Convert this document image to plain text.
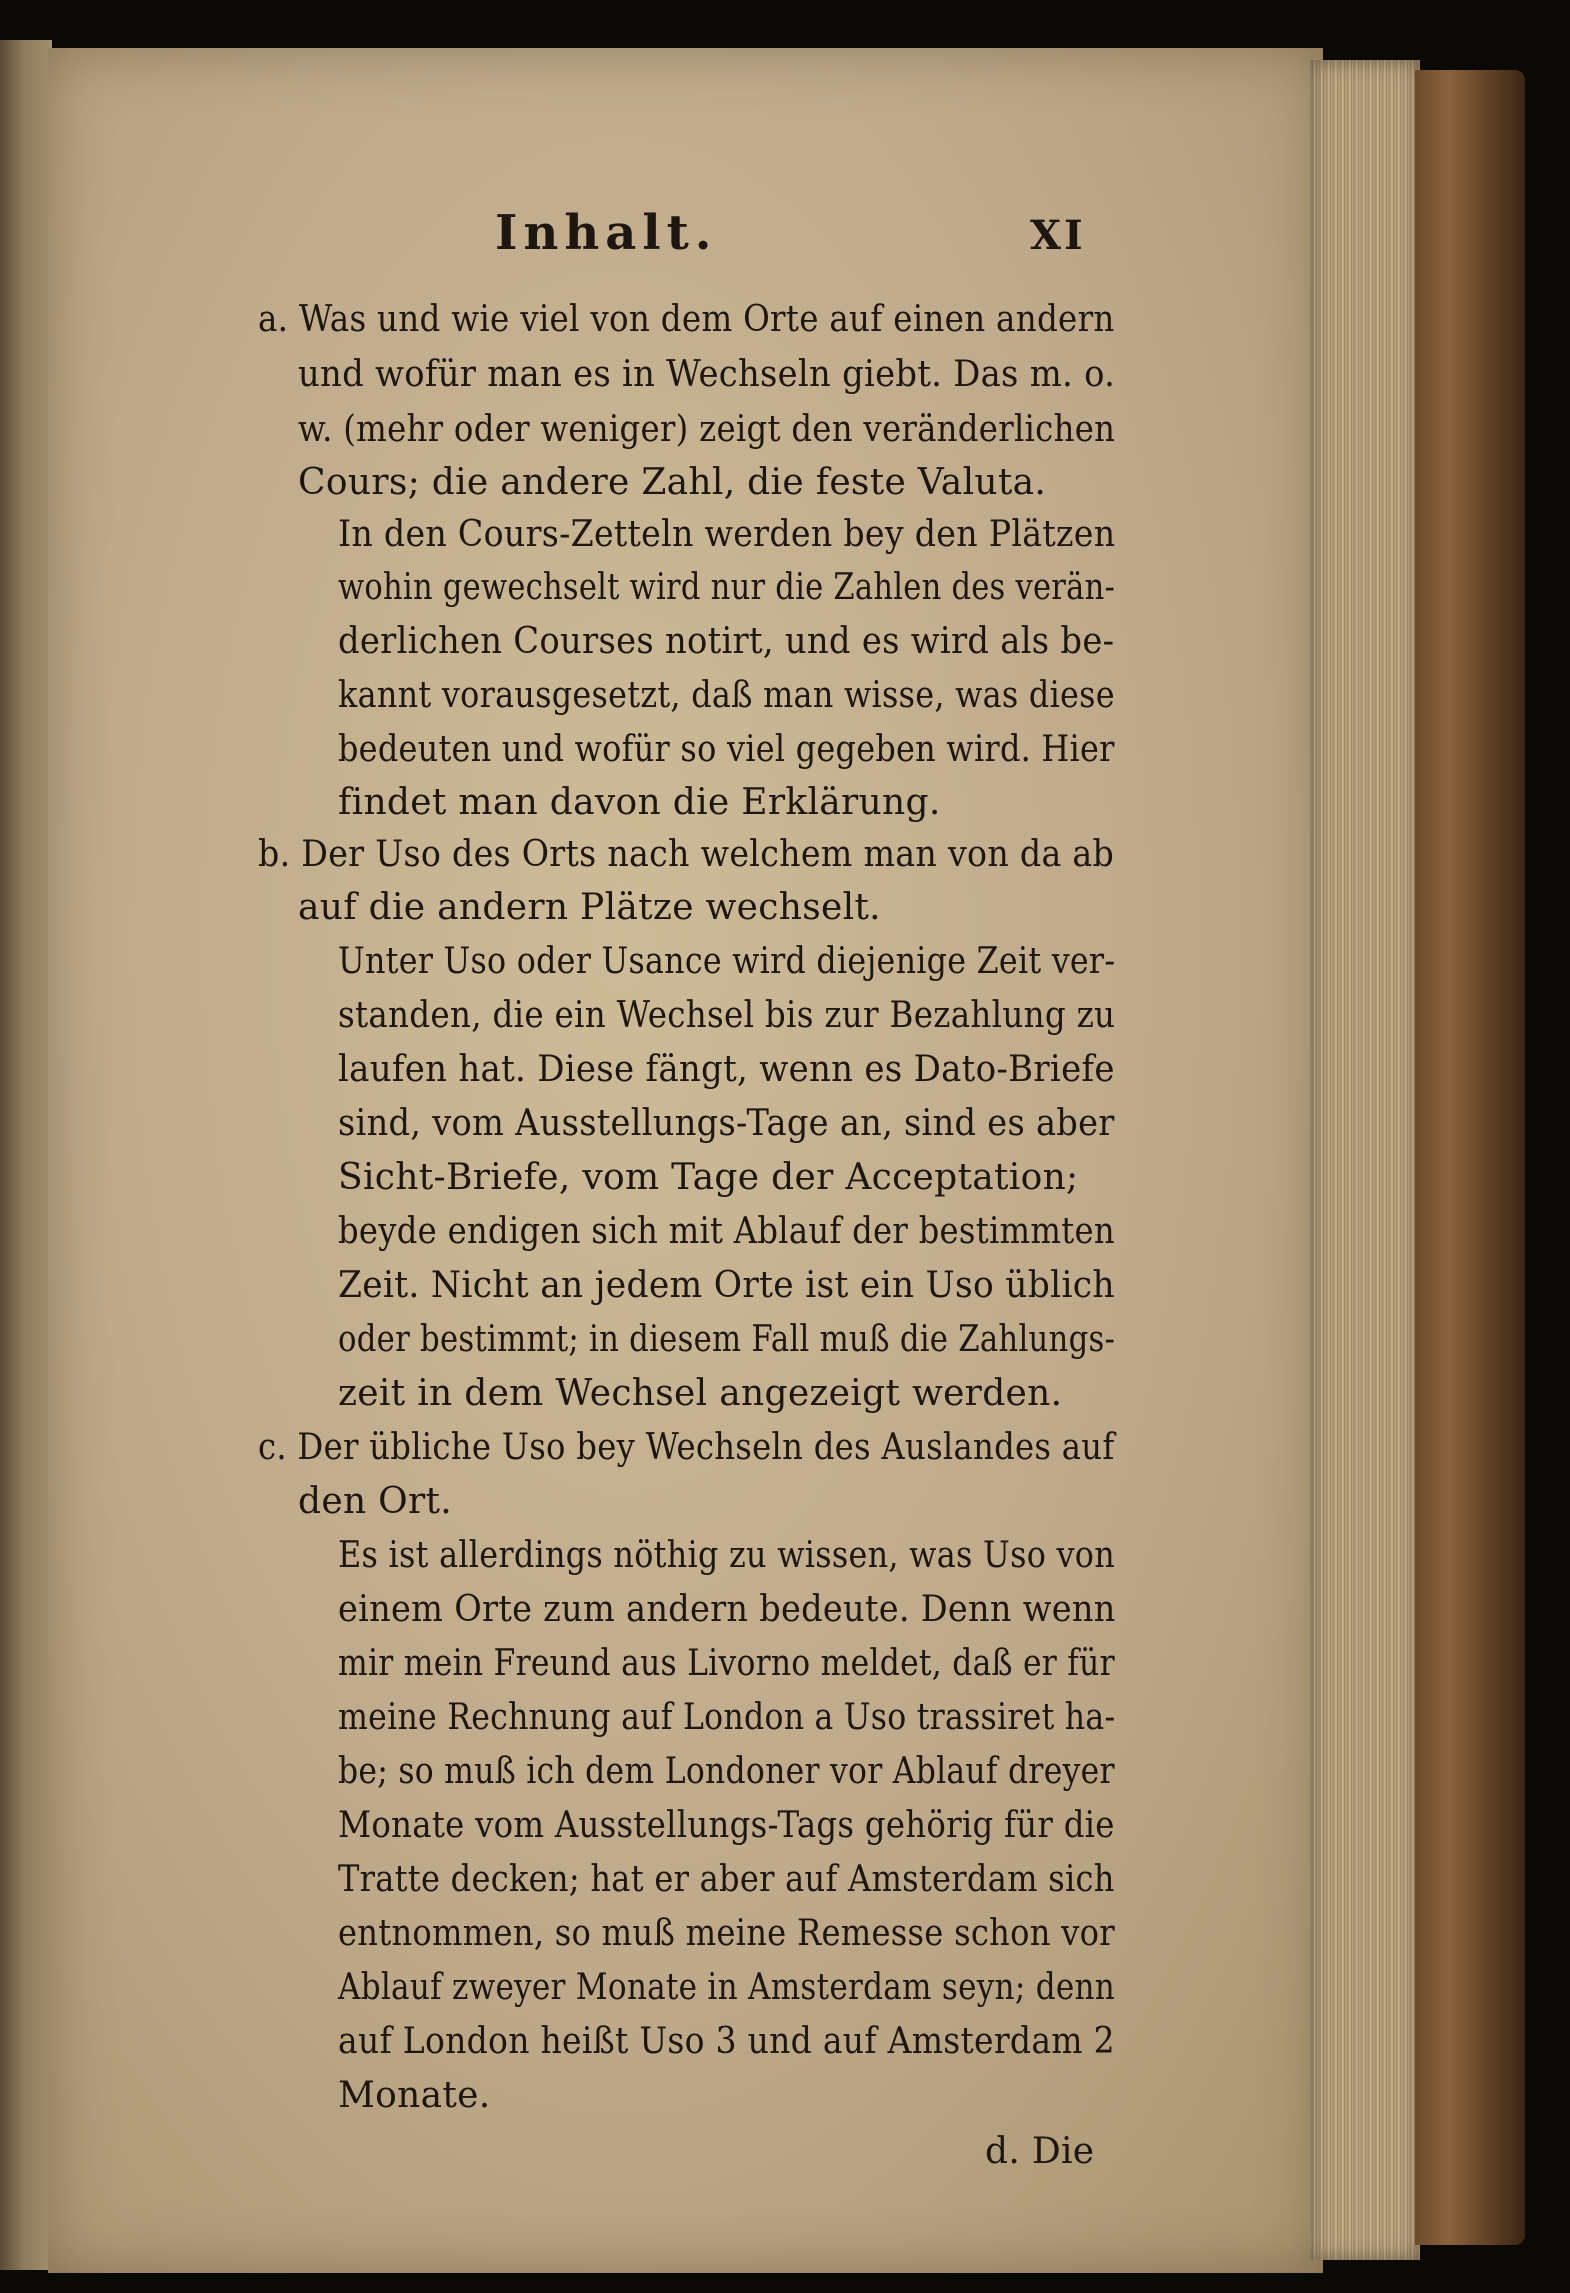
Inhalt.	XI
a. Was und wie viel von dem Orte auf einen andern
und wofür man es in Wechseln giebt. Das m. o.
w. (mehr oder weniger) zeigt den veränderlichen
Cours; die andere Zahl, die feste Valuta.
In den Cours-Zetteln werden bey den Plätzen
wohin gewechselt wird nur die Zahlen des verän-
derlichen Courses notirt, und es wird als be-
kannt vorausgesetzt, daß man wisse, was diese
bedeuten und wofür so viel gegeben wird. Hier
findet man davon die Erklärung.
b. Der Uso des Orts nach welchem man von da ab
auf die andern Plätze wechselt.
Unter Uso oder Usance wird diejenige Zeit ver-
standen, die ein Wechsel bis zur Bezahlung zu
laufen hat. Diese fängt, wenn es Dato-Briefe
sind, vom Ausstellungs-Tage an, sind es aber
Sicht-Briefe, vom Tage der Acceptation;
beyde endigen sich mit Ablauf der bestimmten
Zeit. Nicht an jedem Orte ist ein Uso üblich
oder bestimmt; in diesem Fall muß die Zahlungs-
zeit in dem Wechsel angezeigt werden.
c. Der übliche Uso bey Wechseln des Auslandes auf
den Ort.
Es ist allerdings nöthig zu wissen, was Uso von
einem Orte zum andern bedeute. Denn wenn
mir mein Freund aus Livorno meldet, daß er für
meine Rechnung auf London a Uso trassiret ha-
be; so muß ich dem Londoner vor Ablauf dreyer
Monate vom Ausstellungs-Tags gehörig für die
Tratte decken; hat er aber auf Amsterdam sich
entnommen, so muß meine Remesse schon vor
Ablauf zweyer Monate in Amsterdam seyn; denn
auf London heißt Uso 3 und auf Amsterdam 2
Monate.
d. Die
